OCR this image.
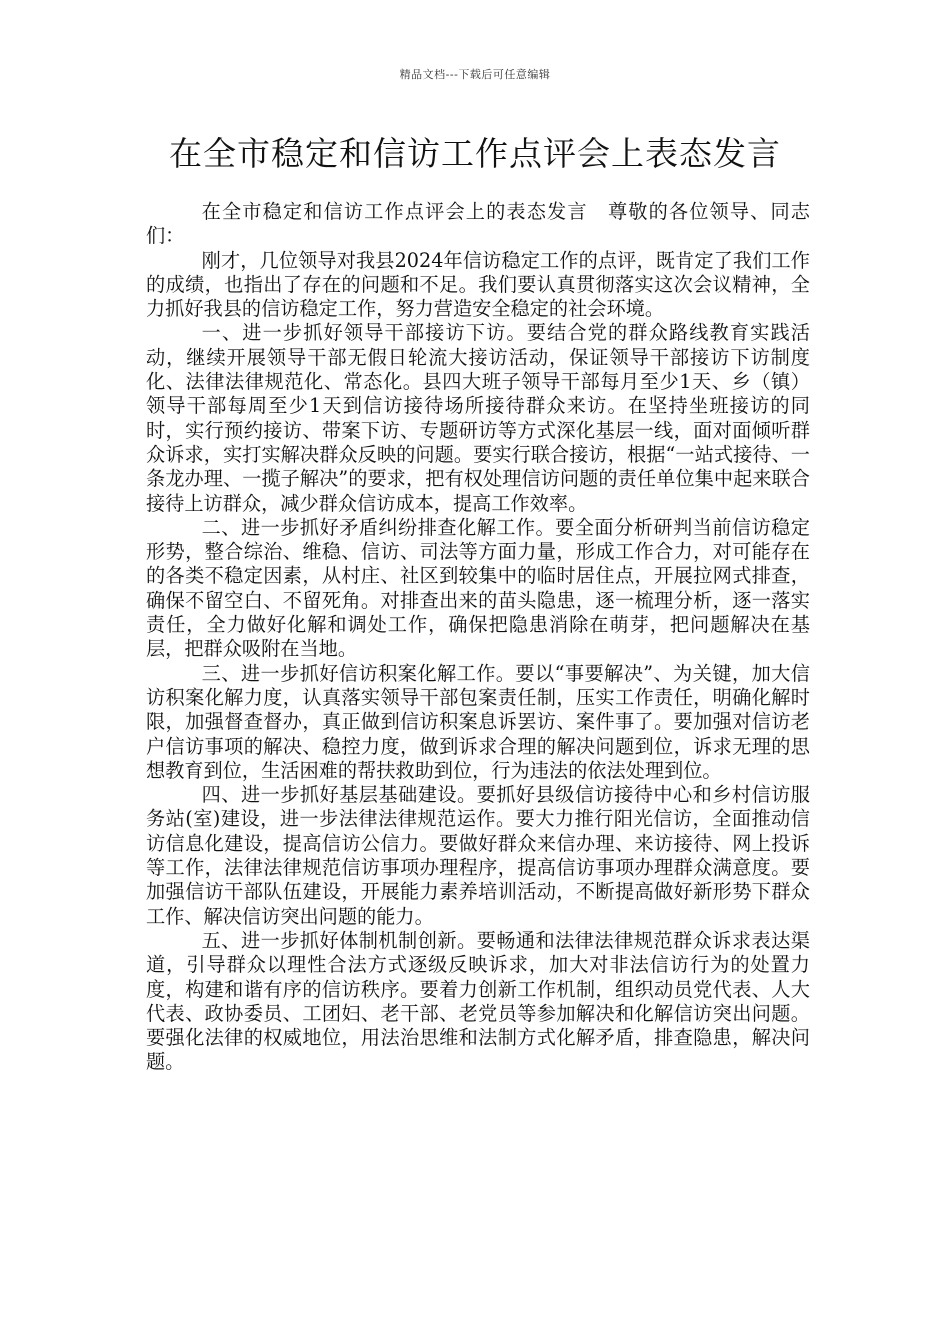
精品文档---下载后可任意编辑
在全市稳定和信访工作点评会上表态发言

在全市稳定和信访工作点评会上的表态发言　尊敬的各位领导、同志们：

刚才，几位领导对我县2024年信访稳定工作的点评，既肯定了我们工作的成绩，也指出了存在的问题和不足。我们要认真贯彻落实这次会议精神，全力抓好我县的信访稳定工作，努力营造安全稳定的社会环境。

一、进一步抓好领导干部接访下访。要结合党的群众路线教育实践活动，继续开展领导干部无假日轮流大接访活动，保证领导干部接访下访制度化、法律法律规范化、常态化。县四大班子领导干部每月至少1天、乡（镇）领导干部每周至少1天到信访接待场所接待群众来访。在坚持坐班接访的同时，实行预约接访、带案下访、专题研访等方式深化基层一线，面对面倾听群众诉求，实打实解决群众反映的问题。要实行联合接访，根据“一站式接待、一条龙办理、一揽子解决”的要求，把有权处理信访问题的责任单位集中起来联合接待上访群众，减少群众信访成本，提高工作效率。

二、进一步抓好矛盾纠纷排查化解工作。要全面分析研判当前信访稳定形势，整合综治、维稳、信访、司法等方面力量，形成工作合力，对可能存在的各类不稳定因素，从村庄、社区到较集中的临时居住点，开展拉网式排查，确保不留空白、不留死角。对排查出来的苗头隐患，逐一梳理分析，逐一落实责任，全力做好化解和调处工作，确保把隐患消除在萌芽，把问题解决在基层，把群众吸附在当地。

三、进一步抓好信访积案化解工作。要以“事要解决”、为关键，加大信访积案化解力度，认真落实领导干部包案责任制，压实工作责任，明确化解时限，加强督查督办，真正做到信访积案息诉罢访、案件事了。要加强对信访老户信访事项的解决、稳控力度，做到诉求合理的解决问题到位，诉求无理的思想教育到位，生活困难的帮扶救助到位，行为违法的依法处理到位。

四、进一步抓好基层基础建设。要抓好县级信访接待中心和乡村信访服务站(室)建设，进一步法律法律规范运作。要大力推行阳光信访，全面推动信访信息化建设，提高信访公信力。要做好群众来信办理、来访接待、网上投诉等工作，法律法律规范信访事项办理程序，提高信访事项办理群众满意度。要加强信访干部队伍建设，开展能力素养培训活动，不断提高做好新形势下群众工作、解决信访突出问题的能力。

五、进一步抓好体制机制创新。要畅通和法律法律规范群众诉求表达渠道，引导群众以理性合法方式逐级反映诉求，加大对非法信访行为的处置力度，构建和谐有序的信访秩序。要着力创新工作机制，组织动员党代表、人大代表、政协委员、工团妇、老干部、老党员等参加解决和化解信访突出问题。要强化法律的权威地位，用法治思维和法制方式化解矛盾，排查隐患，解决问题。
